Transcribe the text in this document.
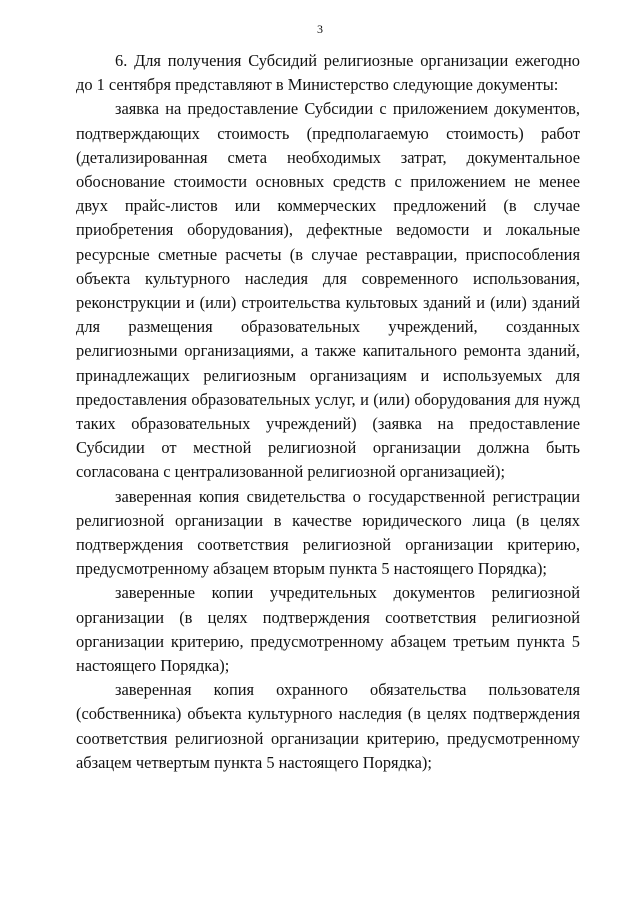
3

6. Для получения Субсидий религиозные организации ежегодно до 1 сентября представляют в Министерство следующие документы:

заявка на предоставление Субсидии с приложением документов, подтверждающих стоимость (предполагаемую стоимость) работ (детализированная смета необходимых затрат, документальное обоснование стоимости основных средств с приложением не менее двух прайс-листов или коммерческих предложений (в случае приобретения оборудования), дефектные ведомости и локальные ресурсные сметные расчеты (в случае реставрации, приспособления объекта культурного наследия для современного использования, реконструкции и (или) строительства культовых зданий и (или) зданий для размещения образовательных учреждений, созданных религиозными организациями, а также капитального ремонта зданий, принадлежащих религиозным организациям и используемых для предоставления образовательных услуг, и (или) оборудования для нужд таких образовательных учреждений) (заявка на предоставление Субсидии от местной религиозной организации должна быть согласована с централизованной религиозной организацией);

заверенная копия свидетельства о государственной регистрации религиозной организации в качестве юридического лица (в целях подтверждения соответствия религиозной организации критерию, предусмотренному абзацем вторым пункта 5 настоящего Порядка);

заверенные копии учредительных документов религиозной организации (в целях подтверждения соответствия религиозной организации критерию, предусмотренному абзацем третьим пункта 5 настоящего Порядка);

заверенная копия охранного обязательства пользователя (собственника) объекта культурного наследия (в целях подтверждения соответствия религиозной организации критерию, предусмотренному абзацем четвертым пункта 5 настоящего Порядка);
